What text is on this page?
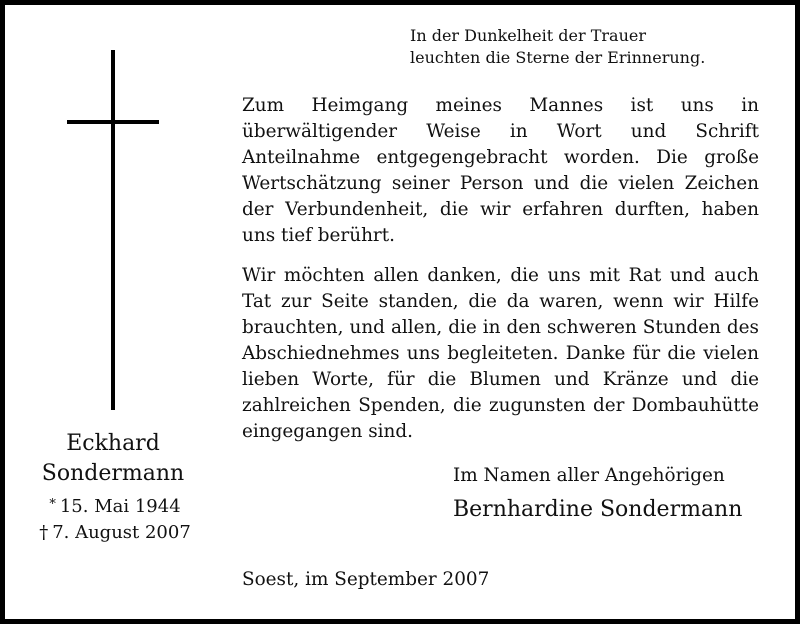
In der Dunkelheit der Trauer
leuchten die Sterne der Erinnerung.

Zum Heimgang meines Mannes ist uns in überwältigender Weise in Wort und Schrift Anteilnahme entgegengebracht worden. Die große Wertschätzung seiner Person und die vielen Zeichen der Verbundenheit, die wir erfahren durften, haben uns tief berührt.

Wir möchten allen danken, die uns mit Rat und auch Tat zur Seite standen, die da waren, wenn wir Hilfe brauchten, und allen, die in den schweren Stunden des Abschiednehmes uns begleiteten. Danke für die vielen lieben Worte, für die Blumen und Kränze und die zahlreichen Spenden, die zugunsten der Dombauhütte eingegangen sind.

Eckhard
Sondermann
* 15. Mai 1944
† 7. August 2007
Im Namen aller Angehörigen
Bernhardine Sondermann
Soest, im September 2007
